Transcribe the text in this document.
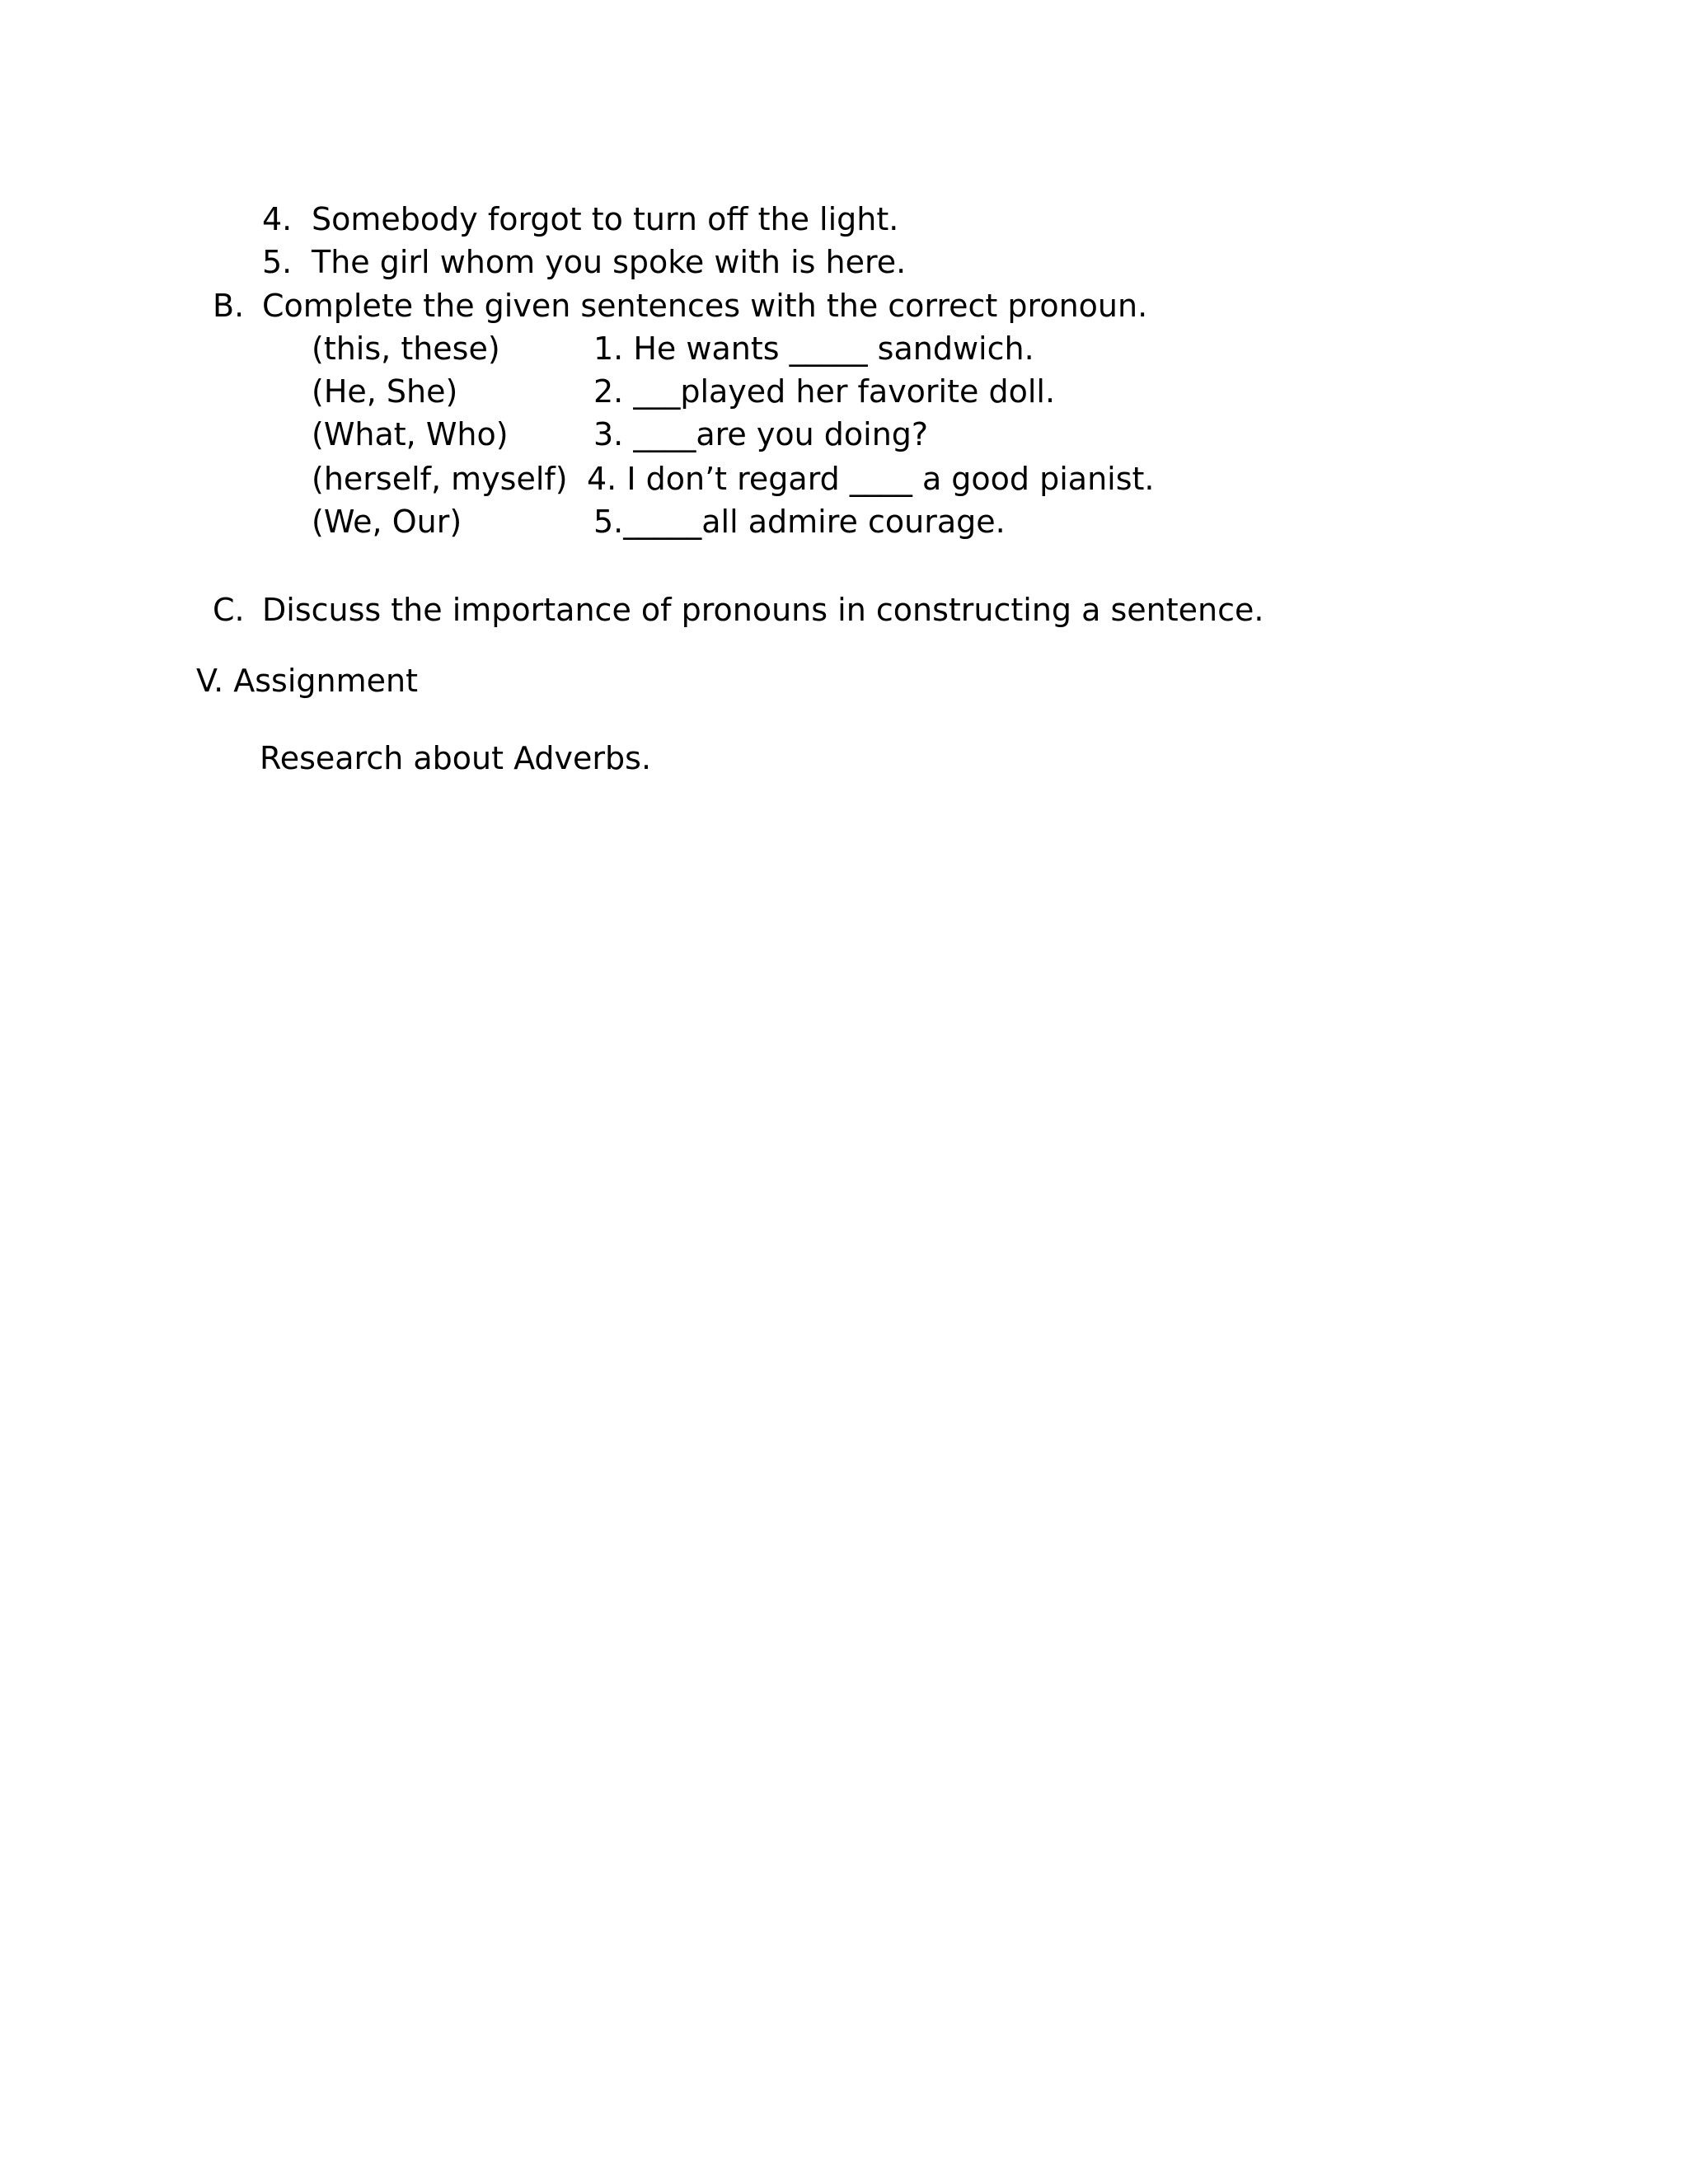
4. Somebody forgot to turn off the light.
5. The girl whom you spoke with is here.
B. Complete the given sentences with the correct pronoun.
(this, these)	1. He wants _____ sandwich.
(He, She)	2. ___played her favorite doll.
(What, Who)	3. ____are you doing?
(herself, myself) 4. I don’t regard ____ a good pianist.
(We, Our)	5._____all admire courage.
C. Discuss the importance of pronouns in constructing a sentence.
V. Assignment
Research about Adverbs.
